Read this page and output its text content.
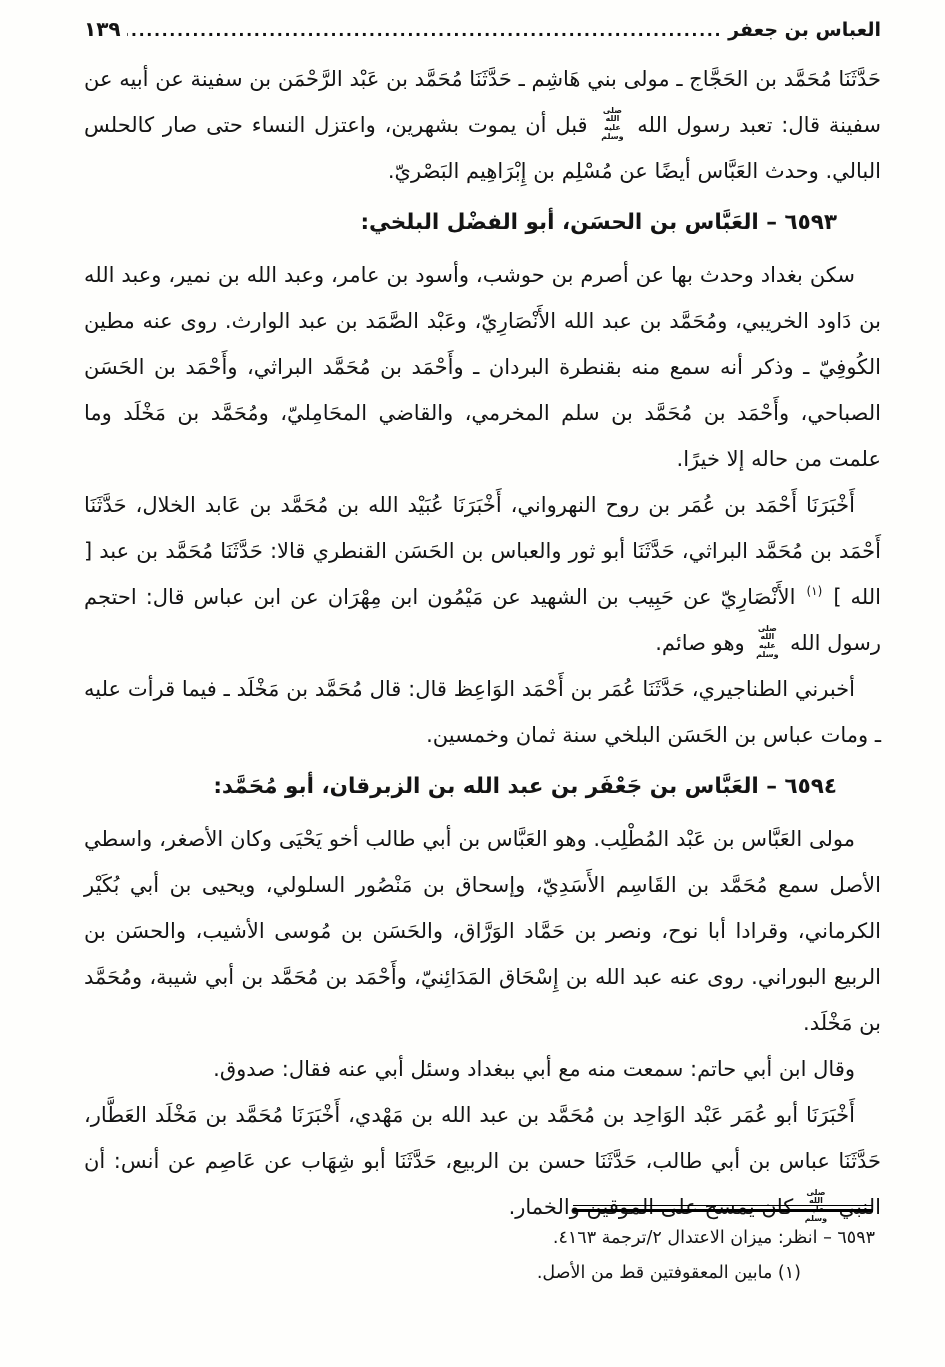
العباس بن جعفر
.....
١٣٩

حَدَّثَنَا مُحَمَّد بن الحَجَّاج ـ مولى بني هَاشِم ـ حَدَّثَنَا مُحَمَّد بن عَبْد الرَّحْمَن بن سفينة عن أبيه عن سفينة قال: تعبد رسول الله صلى الله عليه وسلم قبل أن يموت بشهرين، واعتزل النساء حتى صار كالحلس البالي. وحدث العَبَّاس أيضًا عن مُسْلِم بن إِبْرَاهِيم البَصْريّ.

٦٥٩٣ – العَبَّاس بن الحسَن، أبو الفضْل البلخي:

سكن بغداد وحدث بها عن أصرم بن حوشب، وأسود بن عامر، وعبد الله بن نمير، وعبد الله بن دَاود الخريبي، ومُحَمَّد بن عبد الله الأَنْصَارِيّ، وعَبْد الصَّمَد بن عبد الوارث. روى عنه مطين الكُوفِيّ ـ وذكر أنه سمع منه بقنطرة البردان ـ وأَحْمَد بن مُحَمَّد البراثي، وأَحْمَد بن الحَسَن الصباحي، وأَحْمَد بن مُحَمَّد بن سلم المخرمي، والقاضي المحَامِليّ، ومُحَمَّد بن مَخْلَد وما علمت من حاله إلا خيرًا.

أَخْبَرَنَا أَحْمَد بن عُمَر بن روح النهرواني، أَخْبَرَنَا عُبَيْد الله بن مُحَمَّد بن عَابد الخلال، حَدَّثَنَا أَحْمَد بن مُحَمَّد البراثي، حَدَّثَنَا أبو ثور والعباس بن الحَسَن القنطري قالا: حَدَّثَنَا مُحَمَّد بن عبد [ الله ] $^{(١)}$ الأَنْصَارِيّ عن حَبِيب بن الشهيد عن مَيْمُون ابن مِهْرَان عن ابن عباس قال: احتجم رسول الله صلى الله عليه وسلم وهو صائم.

أخبرني الطناجيري، حَدَّثَنَا عُمَر بن أَحْمَد الوَاعِظ قال: قال مُحَمَّد بن مَخْلَد ـ فيما قرأت عليه ـ ومات عباس بن الحَسَن البلخي سنة ثمان وخمسين.

٦٥٩٤ – العَبَّاس بن جَعْفَر بن عبد الله بن الزبرقان، أبو مُحَمَّد:

مولى العَبَّاس بن عَبْد المُطْلِب. وهو العَبَّاس بن أبي طالب أخو يَحْيَى وكان الأصغر، واسطي الأصل سمع مُحَمَّد بن القَاسِم الأَسَدِيّ، وإسحاق بن مَنْصُور السلولي، ويحيى بن أبي بُكَيْر الكرماني، وقرادا أبا نوح، ونصر بن حَمَّاد الوَرَّاق، والحَسَن بن مُوسى الأشيب، والحسَن بن الربيع البوراني. روى عنه عبد الله بن إِسْحَاق المَدَائِنيّ، وأَحْمَد بن مُحَمَّد بن أبي شيبة، ومُحَمَّد بن مَخْلَد.

وقال ابن أبي حاتم: سمعت منه مع أبي ببغداد وسئل أبي عنه فقال: صدوق.

أَخْبَرَنَا أبو عُمَر عَبْد الوَاحِد بن مُحَمَّد بن عبد الله بن مَهْدي، أَخْبَرَنَا مُحَمَّد بن مَخْلَد العَطَّار، حَدَّثَنَا عباس بن أبي طالب، حَدَّثَنَا حسن بن الربيع، حَدَّثَنَا أبو شِهَاب عن عَاصِم عن أنس: أن النبي صلى الله عليه وسلم كان يمسح على الموقين والخمار.

٦٥٩٣ – انظر: ميزان الاعتدال ٢/ترجمة ٤١٦٣.

(١) مابين المعقوفتين قط من الأصل.
